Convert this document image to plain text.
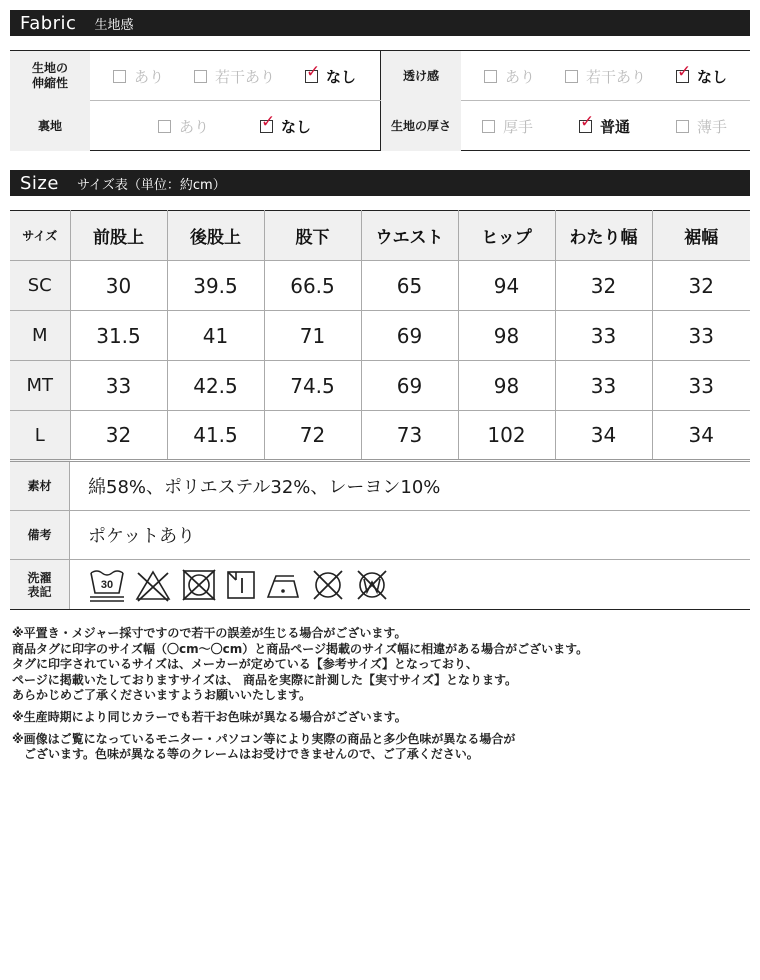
Fabric 生地感
生地の
伸縮性	あり	若干あり ✓	なし	透け感	あり	若干あり ✓	なし
裏地	あり ✓	なし	生地の厚さ	厚手 ✓	普通	薄手
Size サイズ表（単位：約cm）
サイズ	前股上	後股上	股下	ウエスト	ヒップ	わたり幅	裾幅
SC	30	39.5	66.5	65	94	32	32
M	31.5	41	71	69	98	33	33
MT	33	42.5	74.5	69	98	33	33
L	32	41.5	72	73	102	34	34
素材	綿58%、ポリエステル32%、レーヨン10%
備考	ポケットあり
洗濯
表記	30

※平置き・メジャー採寸ですので若干の誤差が生じる場合がございます。

商品タグに印字のサイズ幅（〇cm〜〇cm）と商品ページ掲載のサイズ幅に相違がある場合がございます。

タグに印字されているサイズは、メーカーが定めている【参考サイズ】となっており、

ページに掲載いたしておりますサイズは、 商品を実際に計測した【実寸サイズ】となります。

あらかじめご了承くださいますようお願いいたします。

※生産時期により同じカラーでも若干お色味が異なる場合がございます。

※画像はご覧になっているモニター・パソコン等により実際の商品と多少色味が異なる場合が

　ございます。色味が異なる等のクレームはお受けできませんので、ご了承ください。
